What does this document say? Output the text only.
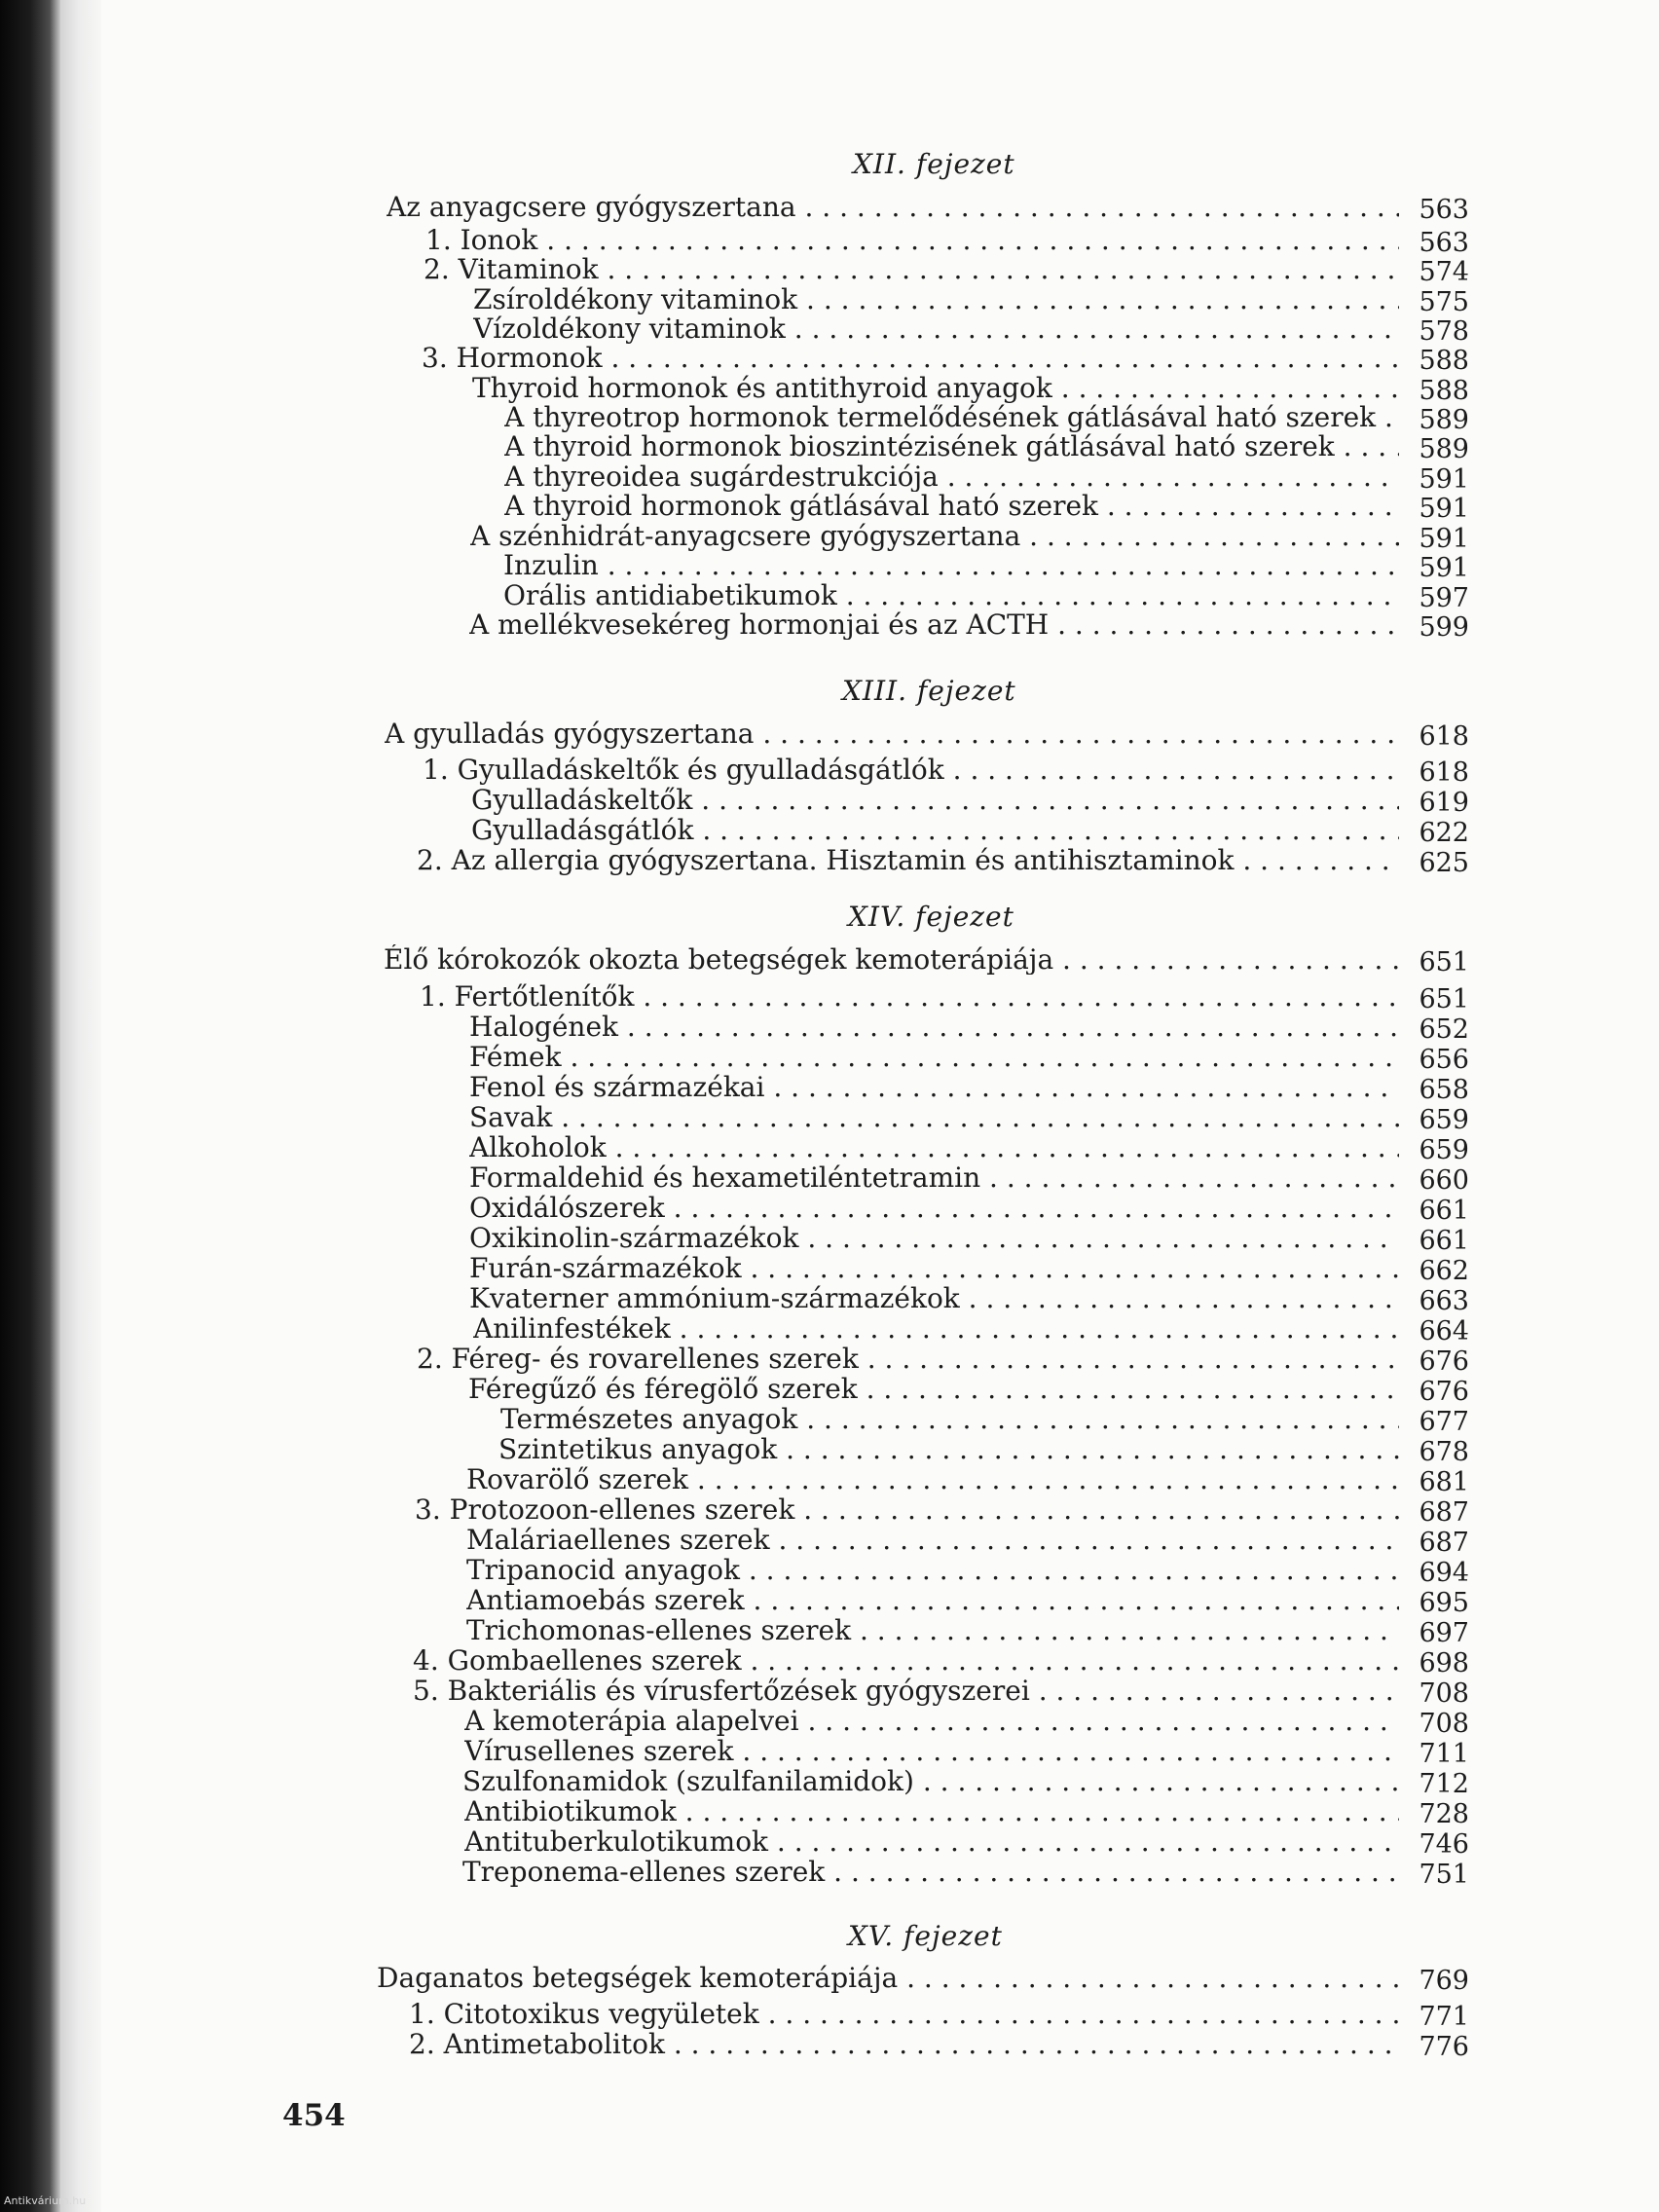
XII. fejezet
Az anyagcsere gyógyszertana . . .	563
1. Ionok . . .	563
2. Vitaminok . . .	574
Zsíroldékony vitaminok . . .	575
Vízoldékony vitaminok . . .	578
3. Hormonok . . .	588
Thyroid hormonok és antithyroid anyagok . . .	588
A thyreotrop hormonok termelődésének gátlásával ható szerek . . .	589
A thyroid hormonok bioszintézisének gátlásával ható szerek . . .	589
A thyreoidea sugárdestrukciója . . .	591
A thyroid hormonok gátlásával ható szerek . . .	591
A szénhidrát-anyagcsere gyógyszertana . . .	591
Inzulin . . .	591
Orális antidiabetikumok . . .	597
A mellékvesekéreg hormonjai és az ACTH . . .	599
XIII. fejezet
A gyulladás gyógyszertana . . .	618
1. Gyulladáskeltők és gyulladásgátlók . . .	618
Gyulladáskeltők . . .	619
Gyulladásgátlók . . .	622
2. Az allergia gyógyszertana. Hisztamin és antihisztaminok . . .	625
XIV. fejezet
Élő kórokozók okozta betegségek kemoterápiája . . .	651
1. Fertőtlenítők . . .	651
Halogének . . .	652
Fémek . . .	656
Fenol és származékai . . .	658
Savak . . .	659
Alkoholok . . .	659
Formaldehid és hexametiléntetramin . . .	660
Oxidálószerek . . .	661
Oxikinolin-származékok . . .	661
Furán-származékok . . .	662
Kvaterner ammónium-származékok . . .	663
Anilinfestékek . . .	664
2. Féreg- és rovarellenes szerek . . .	676
Féregűző és féregölő szerek . . .	676
Természetes anyagok . . .	677
Szintetikus anyagok . . .	678
Rovarölő szerek . . .	681
3. Protozoon-ellenes szerek . . .	687
Maláriaellenes szerek . . .	687
Tripanocid anyagok . . .	694
Antiamoebás szerek . . .	695
Trichomonas-ellenes szerek . . .	697
4. Gombaellenes szerek . . .	698
5. Bakteriális és vírusfertőzések gyógyszerei . . .	708
A kemoterápia alapelvei . . .	708
Vírusellenes szerek . . .	711
Szulfonamidok (szulfanilamidok) . . .	712
Antibiotikumok . . .	728
Antituberkulotikumok . . .	746
Treponema-ellenes szerek . . .	751
XV. fejezet
Daganatos betegségek kemoterápiája . . .	769
1. Citotoxikus vegyületek . . .	771
2. Antimetabolitok . . .	776
454
Antikvárium.hu
